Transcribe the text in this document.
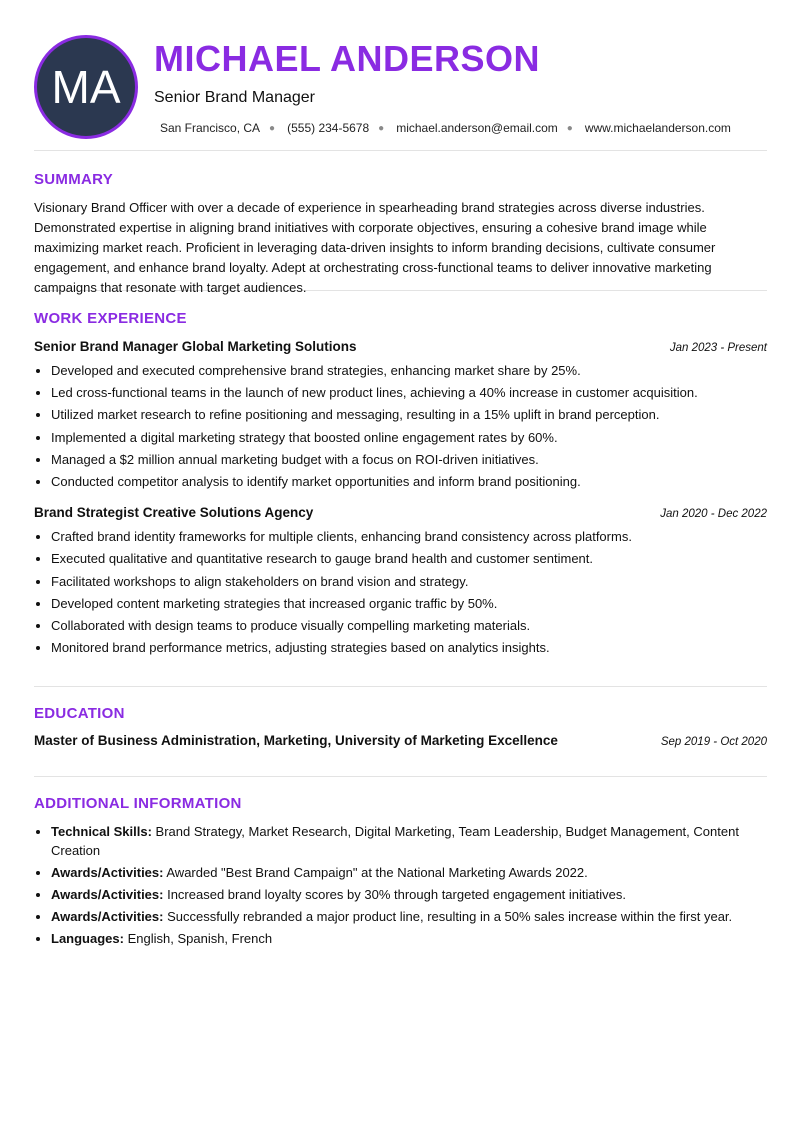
MA
MICHAEL ANDERSON
Senior Brand Manager
San Francisco, CA ● (555) 234-5678 ● michael.anderson@email.com ● www.michaelanderson.com
SUMMARY

Visionary Brand Officer with over a decade of experience in spearheading brand strategies across diverse industries. Demonstrated expertise in aligning brand initiatives with corporate objectives, ensuring a cohesive brand image while maximizing market reach. Proficient in leveraging data-driven insights to inform branding decisions, cultivate consumer engagement, and enhance brand loyalty. Adept at orchestrating cross-functional teams to deliver innovative marketing campaigns that resonate with target audiences.

WORK EXPERIENCE
Senior Brand Manager Global Marketing Solutions	Jan 2023 - Present
• Developed and executed comprehensive brand strategies, enhancing market share by 25%.
• Led cross-functional teams in the launch of new product lines, achieving a 40% increase in customer acquisition.
• Utilized market research to refine positioning and messaging, resulting in a 15% uplift in brand perception.
• Implemented a digital marketing strategy that boosted online engagement rates by 60%.
• Managed a $2 million annual marketing budget with a focus on ROI-driven initiatives.
• Conducted competitor analysis to identify market opportunities and inform brand positioning.
Brand Strategist Creative Solutions Agency	Jan 2020 - Dec 2022
• Crafted brand identity frameworks for multiple clients, enhancing brand consistency across platforms.
• Executed qualitative and quantitative research to gauge brand health and customer sentiment.
• Facilitated workshops to align stakeholders on brand vision and strategy.
• Developed content marketing strategies that increased organic traffic by 50%.
• Collaborated with design teams to produce visually compelling marketing materials.
• Monitored brand performance metrics, adjusting strategies based on analytics insights.
EDUCATION
Master of Business Administration, Marketing, University of Marketing Excellence	Sep 2019 - Oct 2020
ADDITIONAL INFORMATION
• Technical Skills: Brand Strategy, Market Research, Digital Marketing, Team Leadership, Budget Management, Content Creation
• Awards/Activities: Awarded "Best Brand Campaign" at the National Marketing Awards 2022.
• Awards/Activities: Increased brand loyalty scores by 30% through targeted engagement initiatives.
• Awards/Activities: Successfully rebranded a major product line, resulting in a 50% sales increase within the first year.
• Languages: English, Spanish, French
